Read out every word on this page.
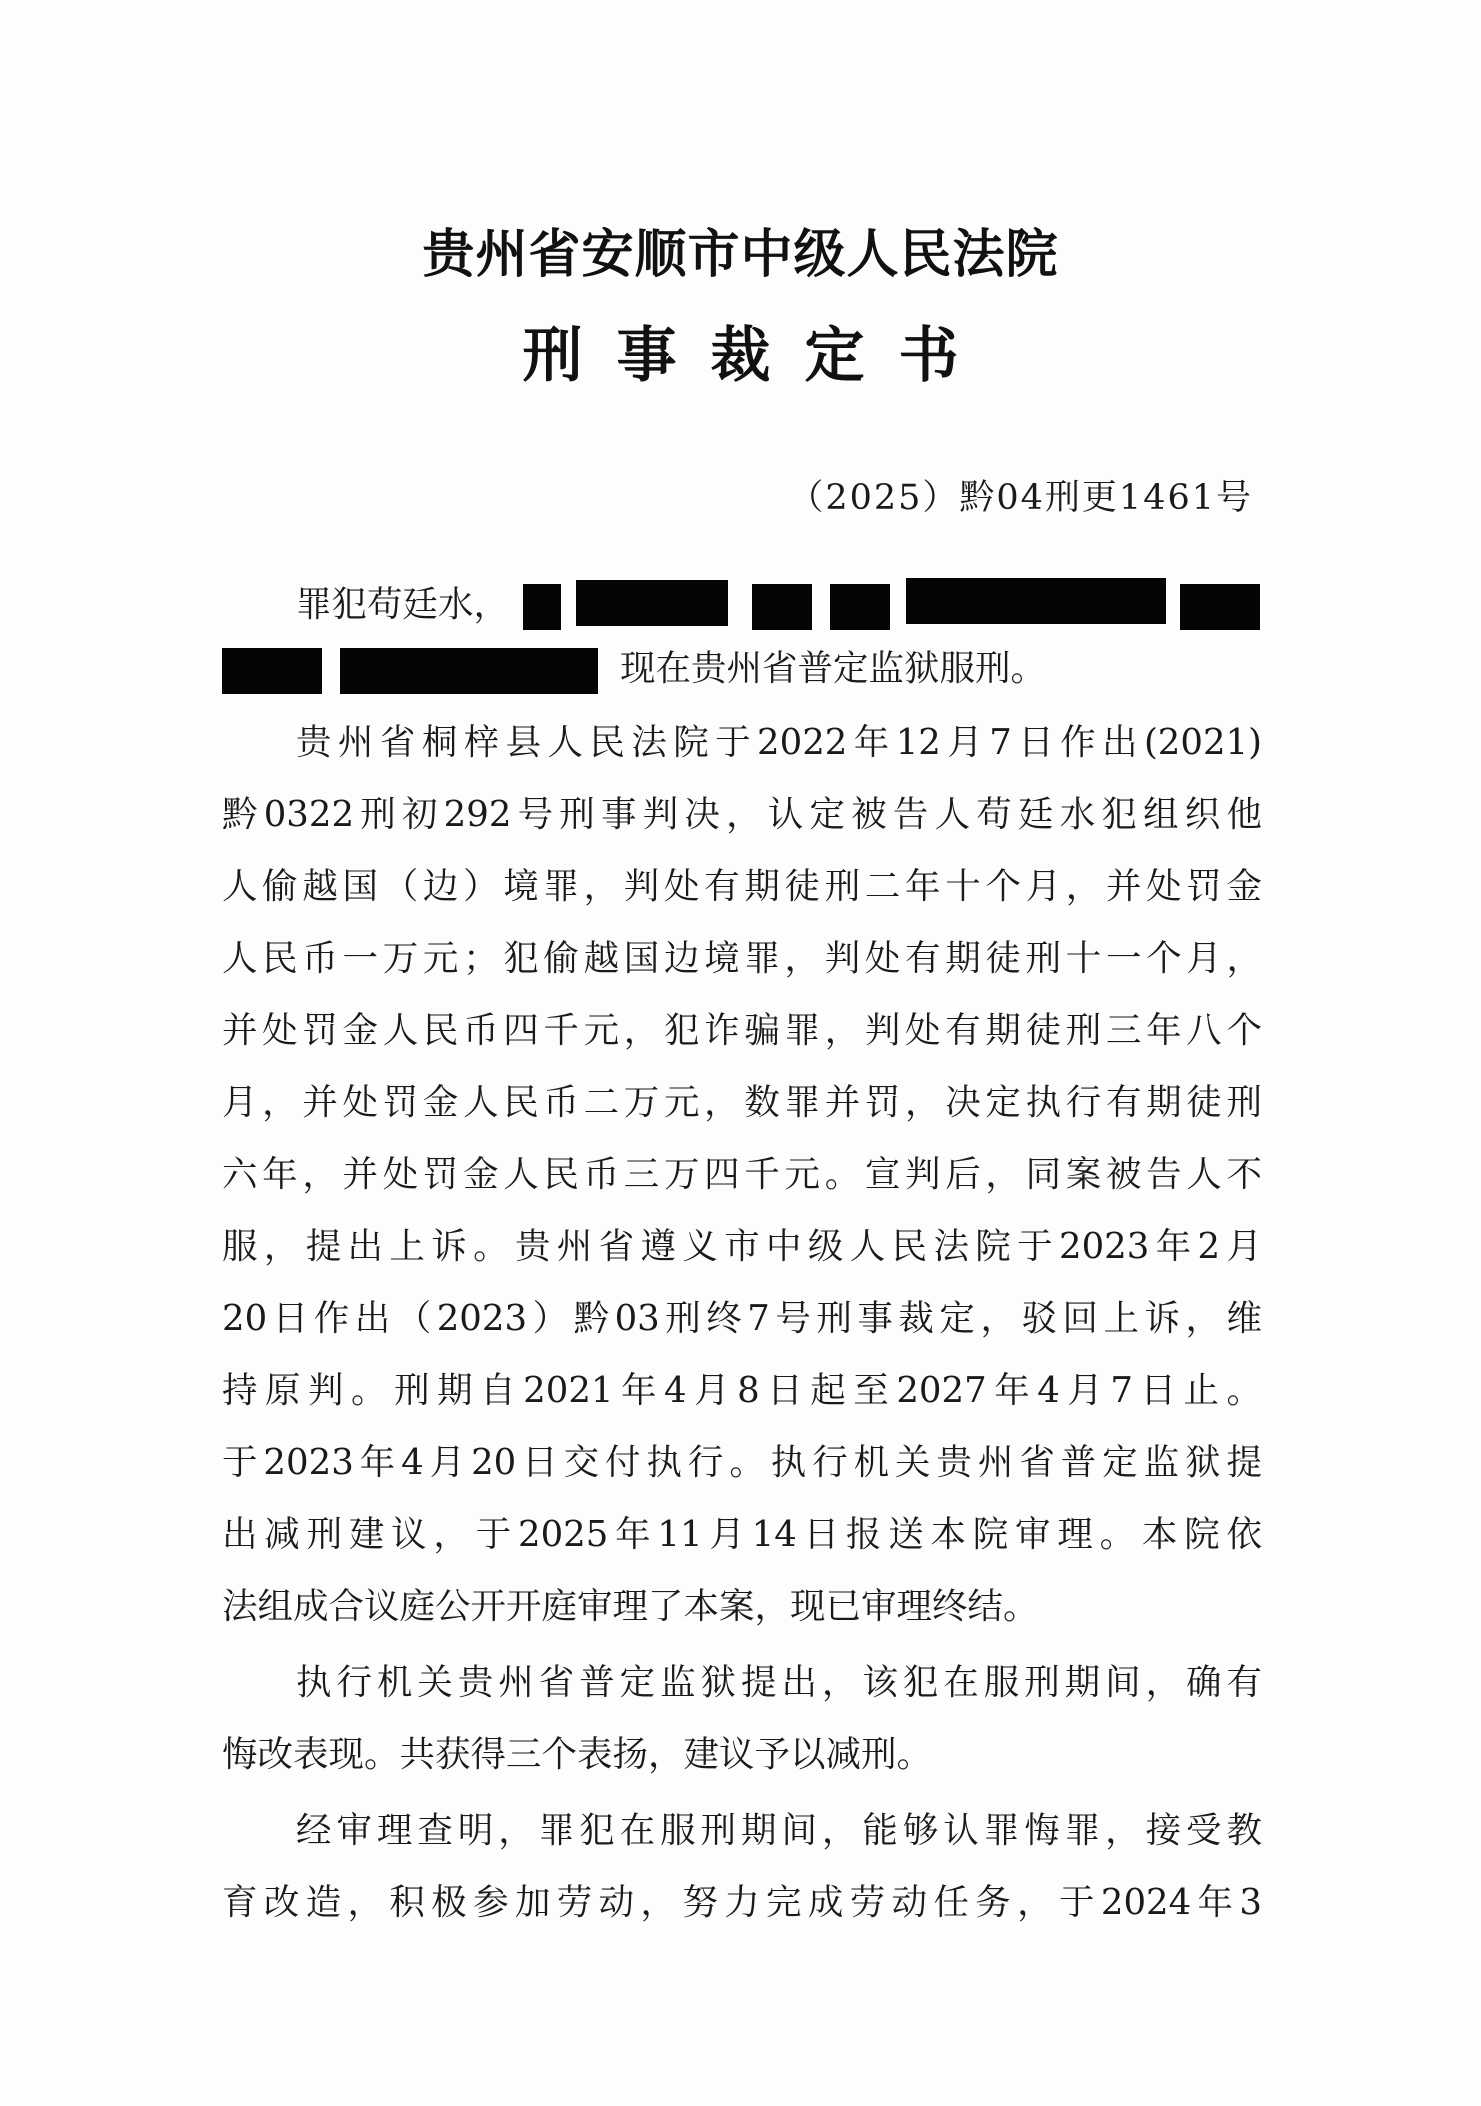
贵州省安顺市中级人民法院
刑事裁定书
（2025）黔04刑更1461号
罪犯苟廷水，
现在贵州省普定监狱服刑。
贵州省桐梓县人民法院于2022年12月7日作出(2021)
黔0322刑初292号刑事判决，认定被告人苟廷水犯组织他
人偷越国（边）境罪，判处有期徒刑二年十个月，并处罚金
人民币一万元；犯偷越国边境罪，判处有期徒刑十一个月，
并处罚金人民币四千元，犯诈骗罪，判处有期徒刑三年八个
月，并处罚金人民币二万元，数罪并罚，决定执行有期徒刑
六年，并处罚金人民币三万四千元。宣判后，同案被告人不
服，提出上诉。贵州省遵义市中级人民法院于2023年2月
20日作出（2023）黔03刑终7号刑事裁定，驳回上诉，维
持原判。刑期自2021年4月8日起至2027年4月7日止。
于2023年4月20日交付执行。执行机关贵州省普定监狱提
出减刑建议，于2025年11月14日报送本院审理。本院依
法组成合议庭公开开庭审理了本案，现已审理终结。
执行机关贵州省普定监狱提出，该犯在服刑期间，确有
悔改表现。共获得三个表扬，建议予以减刑。
经审理查明，罪犯在服刑期间，能够认罪悔罪，接受教
育改造，积极参加劳动，努力完成劳动任务，于2024年3
